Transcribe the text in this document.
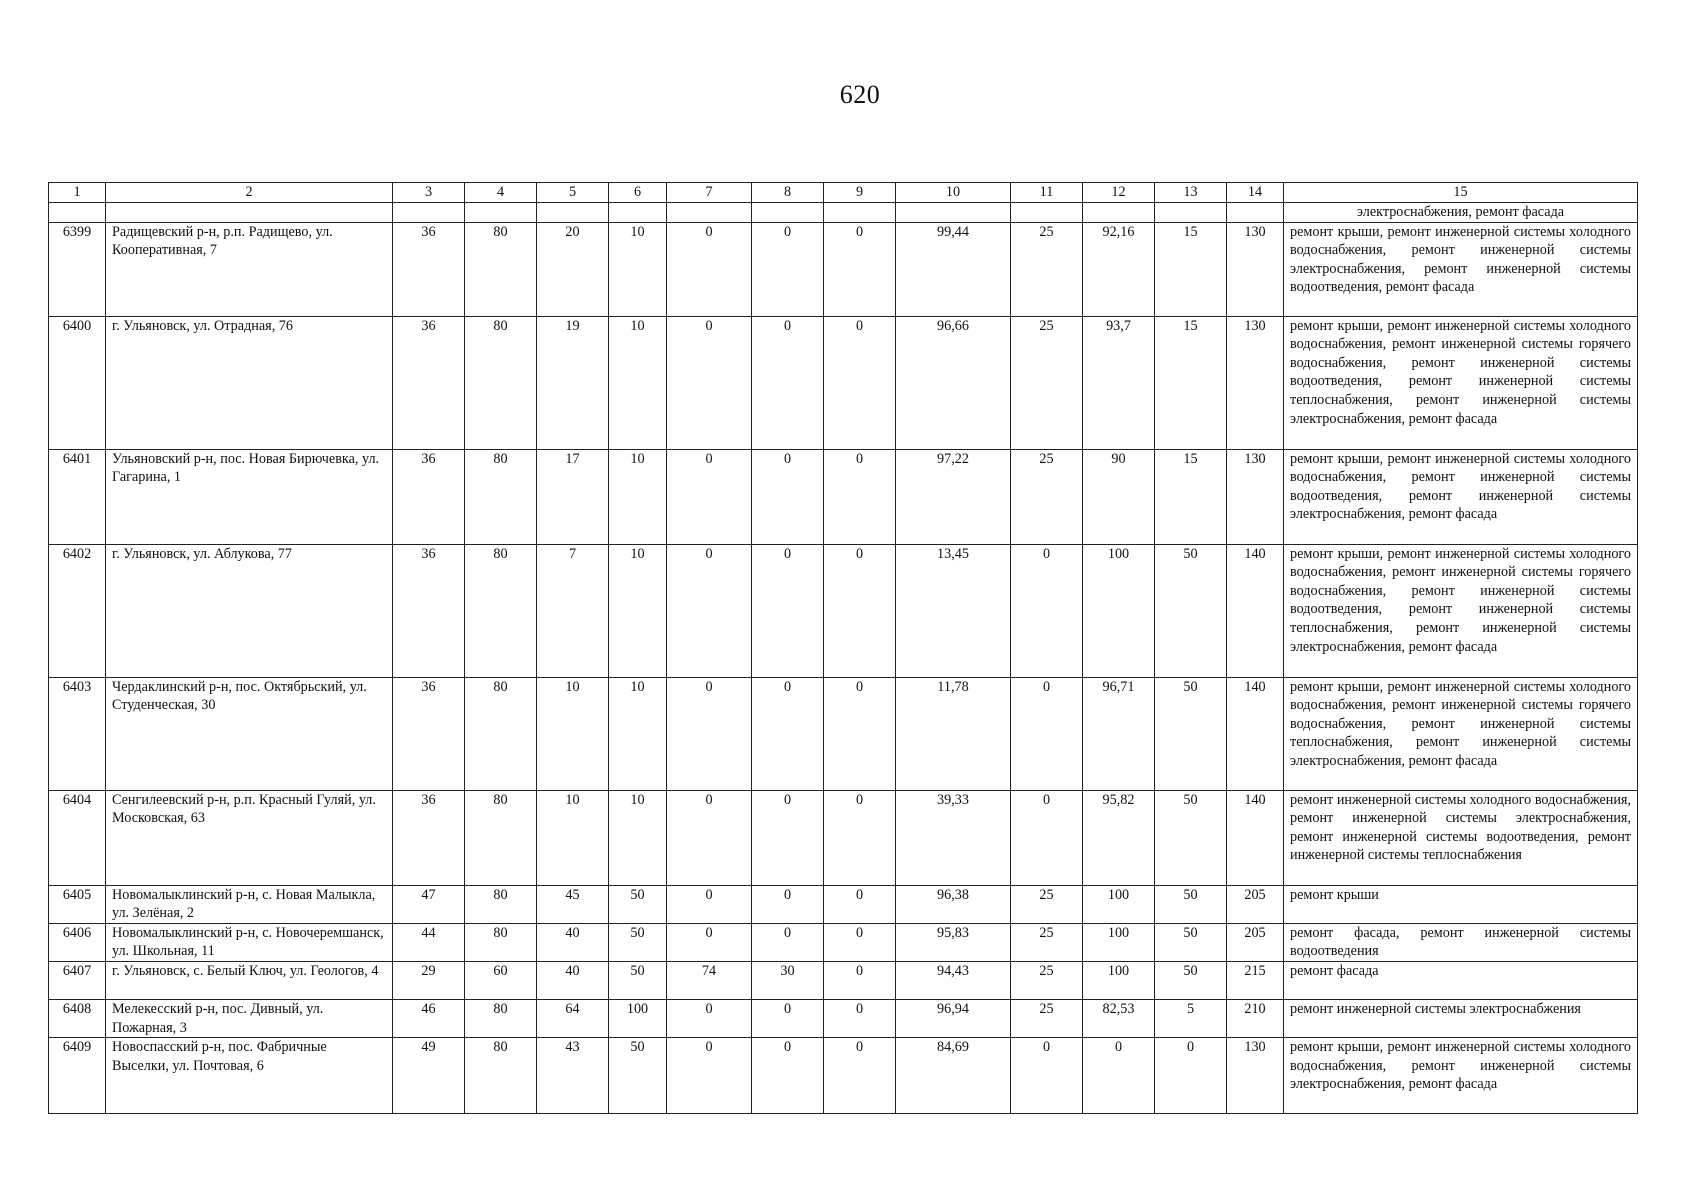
620
1	2	3	4	5	6	7	8	9	10	11	12	13	14	15
														электроснабжения, ремонт фасада
6399	Радищевский р-н, р.п. Радищево, ул. Кооперативная, 7	36	80	20	10	0	0	0	99,44	25	92,16	15	130	ремонт крыши, ремонт инженерной системы холодного водоснабжения, ремонт инженерной системы электроснабжения, ремонт инженерной системы водоотведения, ремонт фасада
6400	г. Ульяновск, ул. Отрадная, 76	36	80	19	10	0	0	0	96,66	25	93,7	15	130	ремонт крыши, ремонт инженерной системы холодного водоснабжения, ремонт инженерной системы горячего водоснабжения, ремонт инженерной системы водоотведения, ремонт инженерной системы теплоснабжения, ремонт инженерной системы электроснабжения, ремонт фасада
6401	Ульяновский р-н, пос. Новая Бирючевка, ул. Гагарина, 1	36	80	17	10	0	0	0	97,22	25	90	15	130	ремонт крыши, ремонт инженерной системы холодного водоснабжения, ремонт инженерной системы водоотведения, ремонт инженерной системы электроснабжения, ремонт фасада
6402	г. Ульяновск, ул. Аблукова, 77	36	80	7	10	0	0	0	13,45	0	100	50	140	ремонт крыши, ремонт инженерной системы холодного водоснабжения, ремонт инженерной системы горячего водоснабжения, ремонт инженерной системы водоотведения, ремонт инженерной системы теплоснабжения, ремонт инженерной системы электроснабжения, ремонт фасада
6403	Чердаклинский р-н, пос. Октябрьский, ул. Студенческая, 30	36	80	10	10	0	0	0	11,78	0	96,71	50	140	ремонт крыши, ремонт инженерной системы холодного водоснабжения, ремонт инженерной системы горячего водоснабжения, ремонт инженерной системы теплоснабжения, ремонт инженерной системы электроснабжения, ремонт фасада
6404	Сенгилеевский р-н, р.п. Красный Гуляй, ул. Московская, 63	36	80	10	10	0	0	0	39,33	0	95,82	50	140	ремонт инженерной системы холодного водоснабжения, ремонт инженерной системы электроснабжения, ремонт инженерной системы водоотведения, ремонт инженерной системы теплоснабжения
6405	Новомалыклинский р-н, с. Новая Малыкла, ул. Зелёная, 2	47	80	45	50	0	0	0	96,38	25	100	50	205	ремонт крыши
6406	Новомалыклинский р-н, с. Новочеремшанск, ул. Школьная, 11	44	80	40	50	0	0	0	95,83	25	100	50	205	ремонт фасада, ремонт инженерной системы водоотведения
6407	г. Ульяновск, с. Белый Ключ, ул. Геологов, 4	29	60	40	50	74	30	0	94,43	25	100	50	215	ремонт фасада
6408	Мелекесский р-н, пос. Дивный, ул. Пожарная, 3	46	80	64	100	0	0	0	96,94	25	82,53	5	210	ремонт инженерной системы электроснабжения
6409	Новоспасский р-н, пос. Фабричные Выселки, ул. Почтовая, 6	49	80	43	50	0	0	0	84,69	0	0	0	130	ремонт крыши, ремонт инженерной системы холодного водоснабжения, ремонт инженерной системы электроснабжения, ремонт фасада
